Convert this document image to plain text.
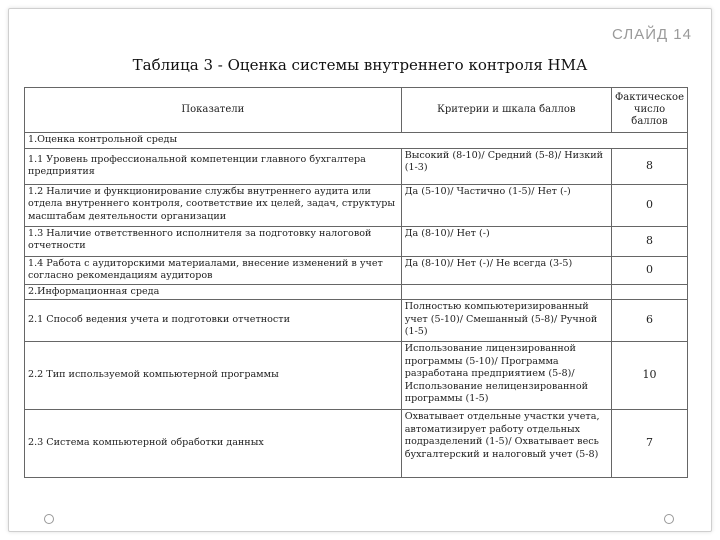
СЛАЙД 14
Таблица 3 - Оценка системы внутреннего контроля НМА
Показатели	Критерии и шкала баллов	Фактическое число баллов
1.Оценка контрольной среды		
1.1 Уровень профессиональной компетенции главного бухгалтера предприятия	Высокий (8-10)/ Средний (5-8)/ Низкий (1-3)	8
1.2 Наличие и функционирование службы внутреннего аудита или отдела внутреннего контроля, соответствие их целей, задач, структуры масштабам деятельности организации	Да (5-10)/ Частично (1-5)/ Нет (-)	0
1.3 Наличие ответственного исполнителя за подготовку налоговой отчетности	Да (8-10)/ Нет (-)	8
1.4 Работа с аудиторскими материалами, внесение изменений в учет согласно рекомендациям аудиторов	Да (8-10)/ Нет (-)/ Не всегда (3-5)	0
2.Информационная среда		
2.1 Способ ведения учета и подготовки отчетности	Полностью компьютеризированный учет (5-10)/ Смешанный (5-8)/ Ручной (1-5)	6
2.2 Тип используемой компьютерной программы	Использование лицензированной программы (5-10)/ Программа разработана предприятием (5-8)/ Использование нелицензированной программы (1-5)	10
2.3 Система компьютерной обработки данных	Охватывает отдельные участки учета, автоматизирует работу отдельных подразделений (1-5)/ Охватывает весь бухгалтерский и налоговый учет (5-8)	7
